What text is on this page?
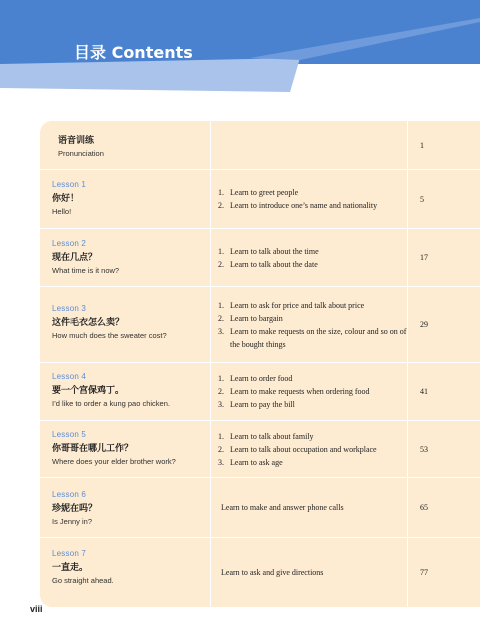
目录 Contents
语音训练
Pronunciation
1
Lesson 1
你好！
Hello!
1. Learn to greet people
2. Learn to introduce one’s name and nationality
5
Lesson 2
现在几点？
What time is it now?
1. Learn to talk about the time
2. Learn to talk about the date
17
Lesson 3
这件毛衣怎么卖？
How much does the sweater cost?
1. Learn to ask for price and talk about price
2. Learn to bargain
3. Learn to make requests on the size, colour and so on of the bought things
29
Lesson 4
要一个宫保鸡丁。
I’d like to order a kung pao chicken.
1. Learn to order food
2. Learn to make requests when ordering food
3. Learn to pay the bill
41
Lesson 5
你哥哥在哪儿工作？
Where does your elder brother work?
1. Learn to talk about family
2. Learn to talk about occupation and workplace
3. Learn to ask age
53
Lesson 6
珍妮在吗？
Is Jenny in?
Learn to make and answer phone calls	65
Lesson 7
一直走。
Go straight ahead.
Learn to ask and give directions	77
viii
